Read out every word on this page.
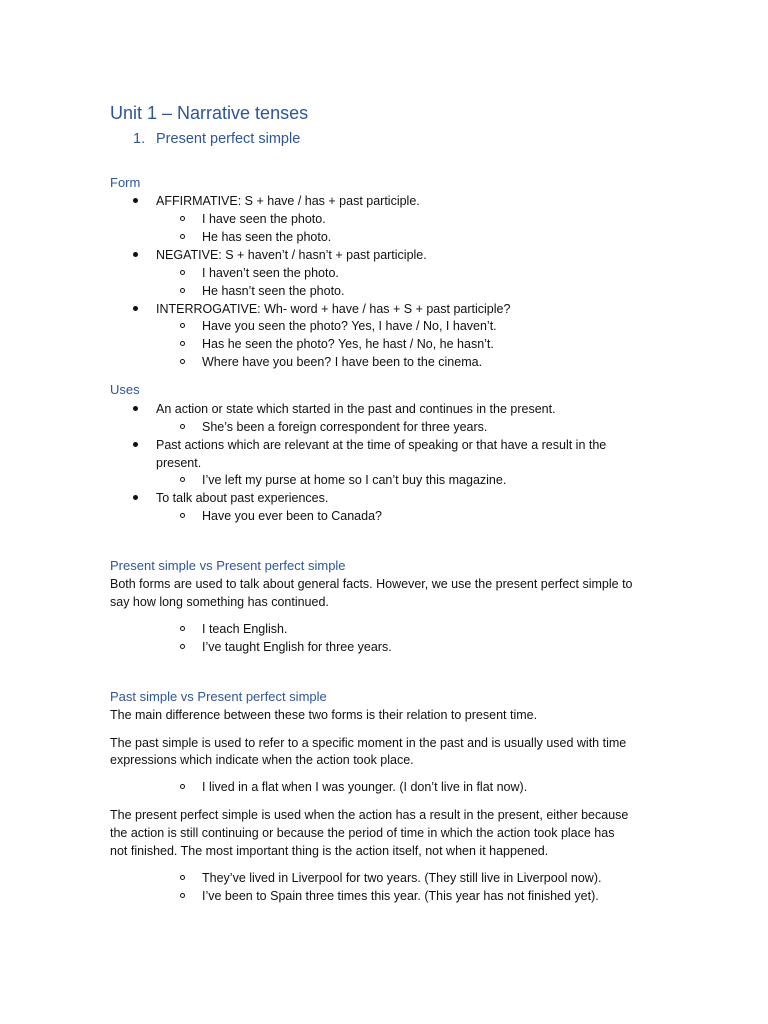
Unit 1 – Narrative tenses
1. Present perfect simple
Form
AFFIRMATIVE: S + have / has + past participle.
I have seen the photo.
He has seen the photo.
NEGATIVE: S + haven’t / hasn’t + past participle.
I haven’t seen the photo.
He hasn’t seen the photo.
INTERROGATIVE: Wh- word + have / has + S + past participle?
Have you seen the photo? Yes, I have / No, I haven’t.
Has he seen the photo? Yes, he hast / No, he hasn’t.
Where have you been? I have been to the cinema.
Uses
An action or state which started in the past and continues in the present.
She’s been a foreign correspondent for three years.
Past actions which are relevant at the time of speaking or that have a result in the
present.
I’ve left my purse at home so I can’t buy this magazine.
To talk about past experiences.
Have you ever been to Canada?
Present simple vs Present perfect simple
Both forms are used to talk about general facts. However, we use the present perfect simple to
say how long something has continued.
I teach English.
I’ve taught English for three years.
Past simple vs Present perfect simple
The main difference between these two forms is their relation to present time.
The past simple is used to refer to a specific moment in the past and is usually used with time
expressions which indicate when the action took place.
I lived in a flat when I was younger. (I don’t live in flat now).
The present perfect simple is used when the action has a result in the present, either because
the action is still continuing or because the period of time in which the action took place has
not finished. The most important thing is the action itself, not when it happened.
They’ve lived in Liverpool for two years. (They still live in Liverpool now).
I’ve been to Spain three times this year. (This year has not finished yet).
